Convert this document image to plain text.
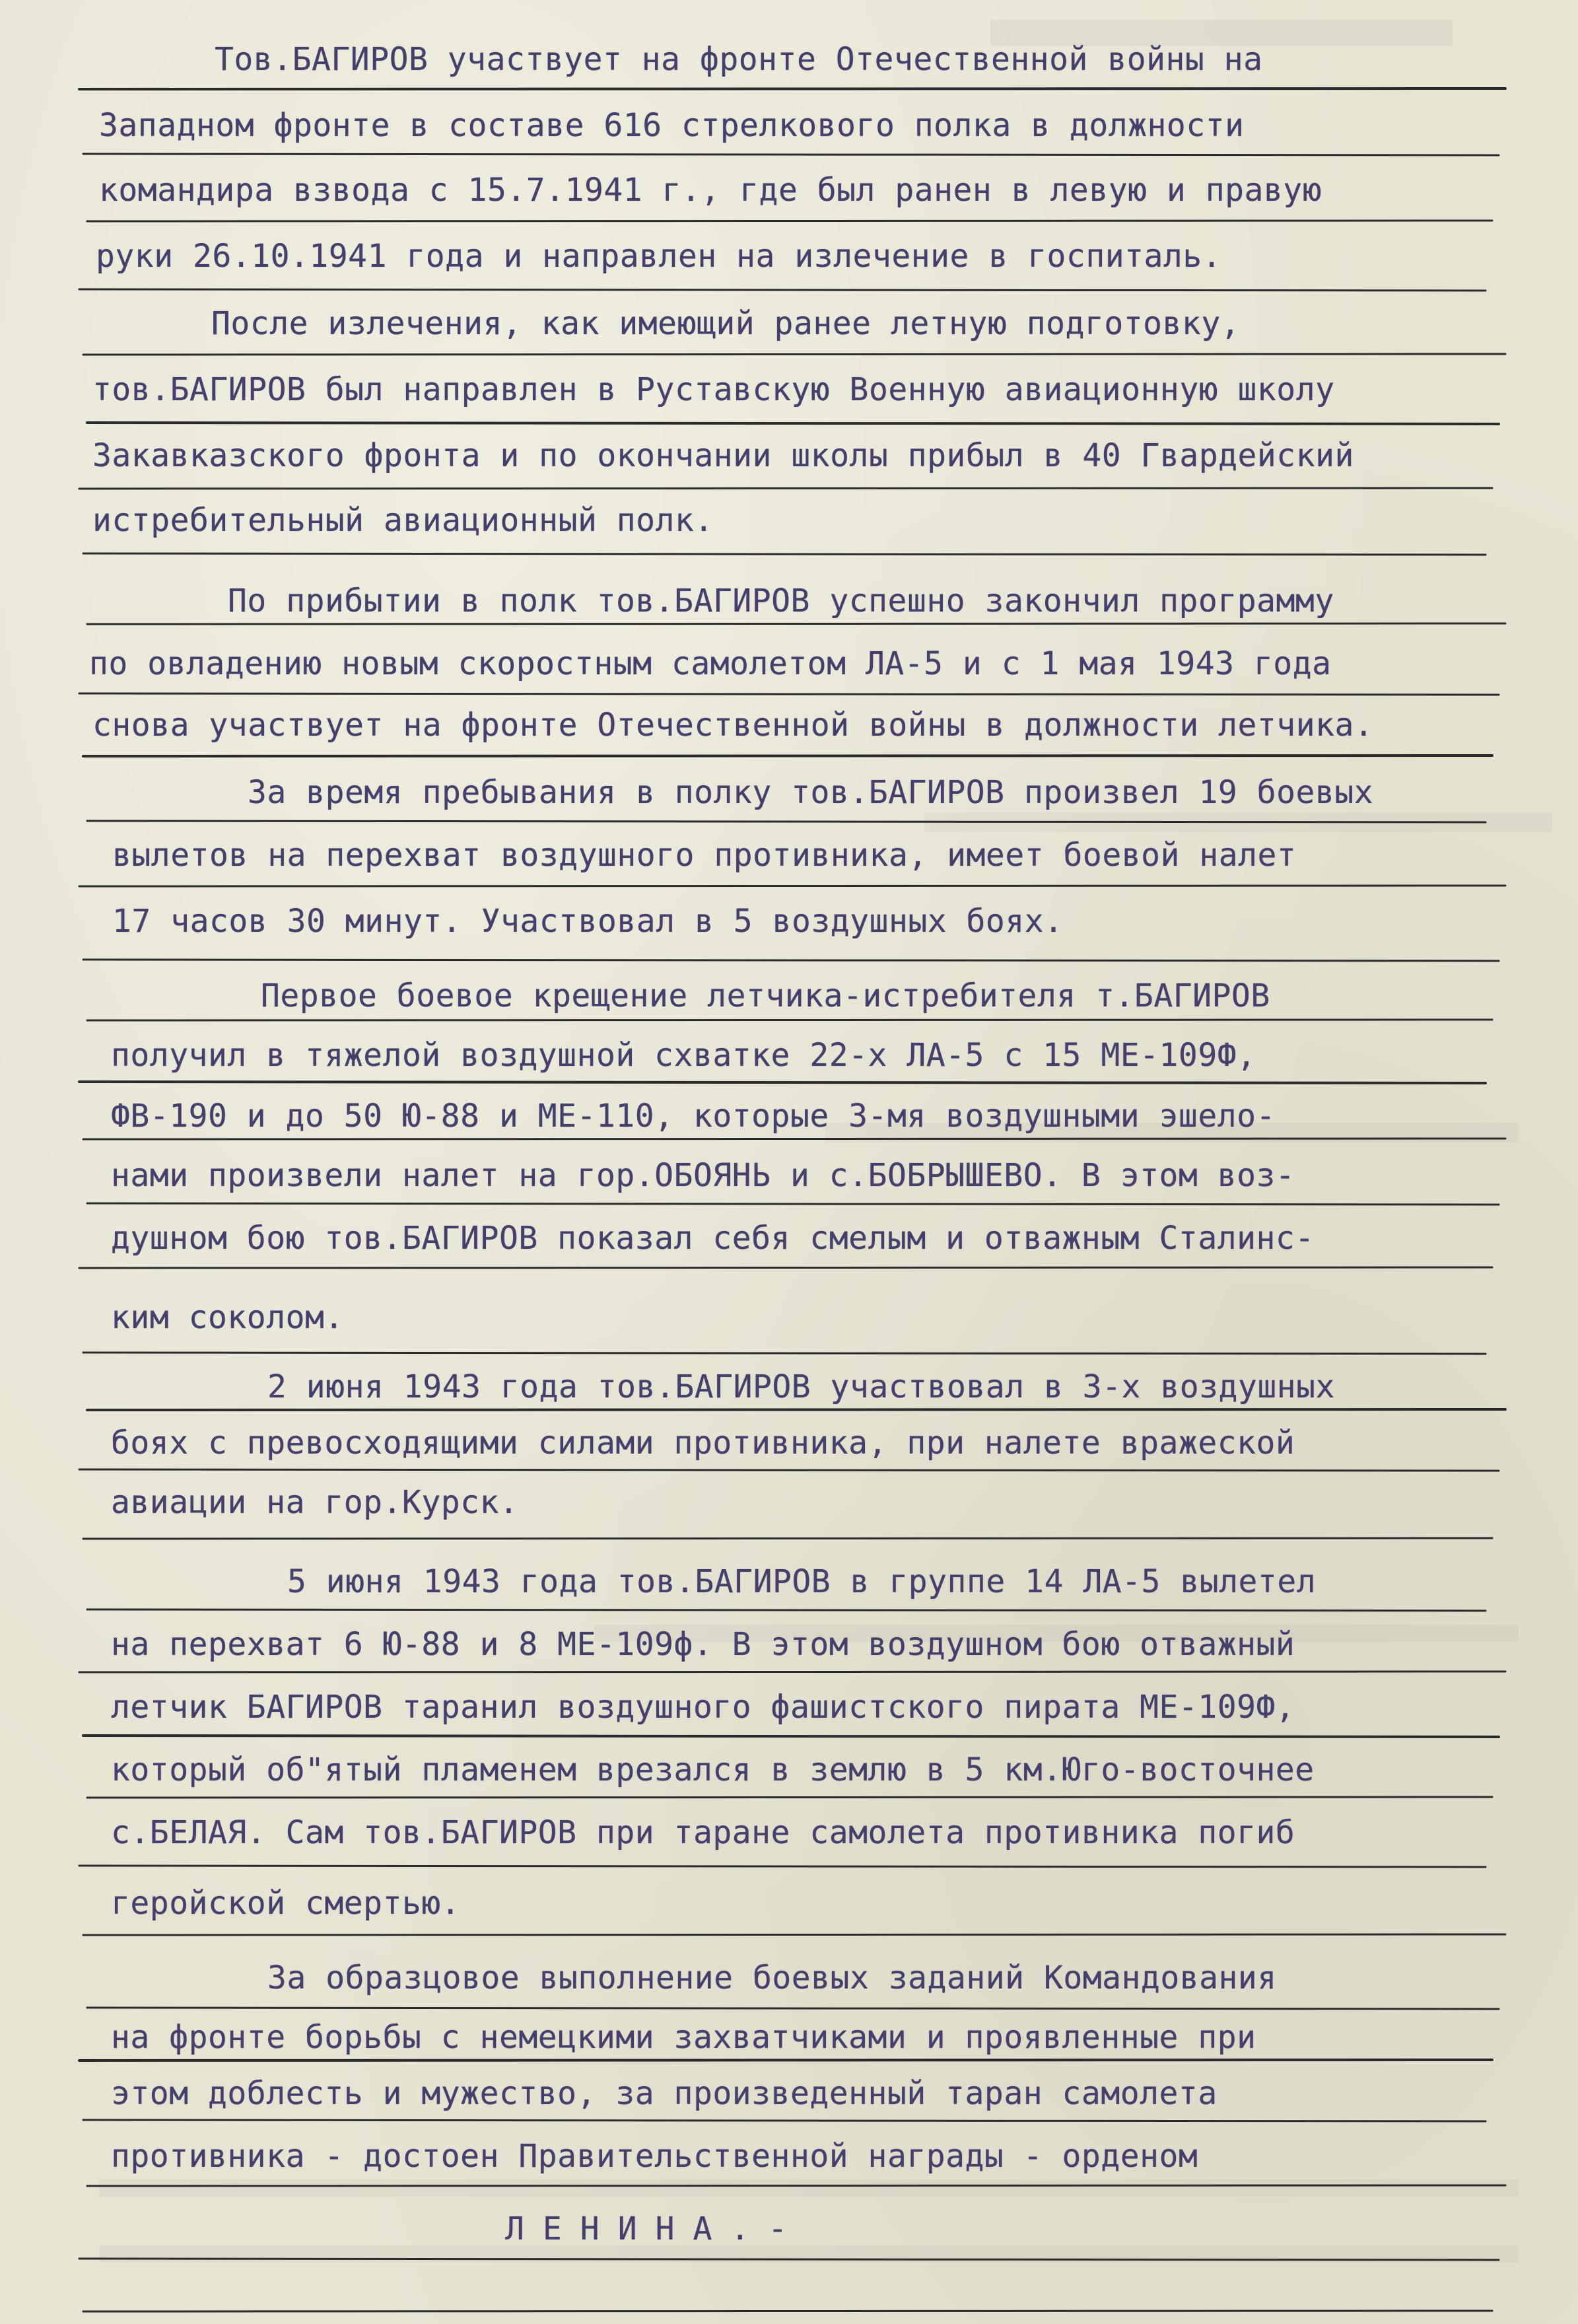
Тов.БАГИРОВ участвует на фронте Отечественной войны на

Западном фронте в составе 616 стрелкового полка в должности

командира взвода с 15.7.1941 г., где был ранен в левую и правую

руки 26.10.1941 года и направлен на излечение в госпиталь.

После излечения, как имеющий ранее летную подготовку,

тов.БАГИРОВ был направлен в Руставскую Военную авиационную школу

Закавказского фронта и по окончании школы прибыл в 40 Гвардейский

истребительный авиационный полк.

По прибытии в полк тов.БАГИРОВ успешно закончил программу

по овладению новым скоростным самолетом ЛА-5 и с 1 мая 1943 года

снова участвует на фронте Отечественной войны в должности летчика.

За время пребывания в полку тов.БАГИРОВ произвел 19 боевых

вылетов на перехват воздушного противника, имеет боевой налет

17 часов 30 минут. Участвовал в 5 воздушных боях.

Первое боевое крещение летчика-истребителя т.БАГИРОВ

получил в тяжелой воздушной схватке 22-х ЛА-5 с 15 МЕ-109Ф,

ФВ-190 и до 50 Ю-88 и МЕ-110, которые 3-мя воздушными эшело-

нами произвели налет на гор.ОБОЯНЬ и с.БОБРЫШЕВО. В этом воз-

душном бою тов.БАГИРОВ показал себя смелым и отважным Сталинс-

ким соколом.

2 июня 1943 года тов.БАГИРОВ участвовал в 3-х воздушных

боях с превосходящими силами противника, при налете вражеской

авиации на гор.Курск.

5 июня 1943 года тов.БАГИРОВ в группе 14 ЛА-5 вылетел

на перехват 6 Ю-88 и 8 МЕ-109ф. В этом воздушном бою отважный

летчик БАГИРОВ таранил воздушного фашистского пирата МЕ-109Ф,

который об"ятый пламенем врезался в землю в 5 км.Юго-восточнее

с.БЕЛАЯ. Сам тов.БАГИРОВ при таране самолета противника погиб

геройской смертью.

За образцовое выполнение боевых заданий Командования

на фронте борьбы с немецкими захватчиками и проявленные при

этом доблесть и мужество, за произведенный таран самолета

противника - достоен Правительственной награды - орденом

ЛЕНИНА.-
